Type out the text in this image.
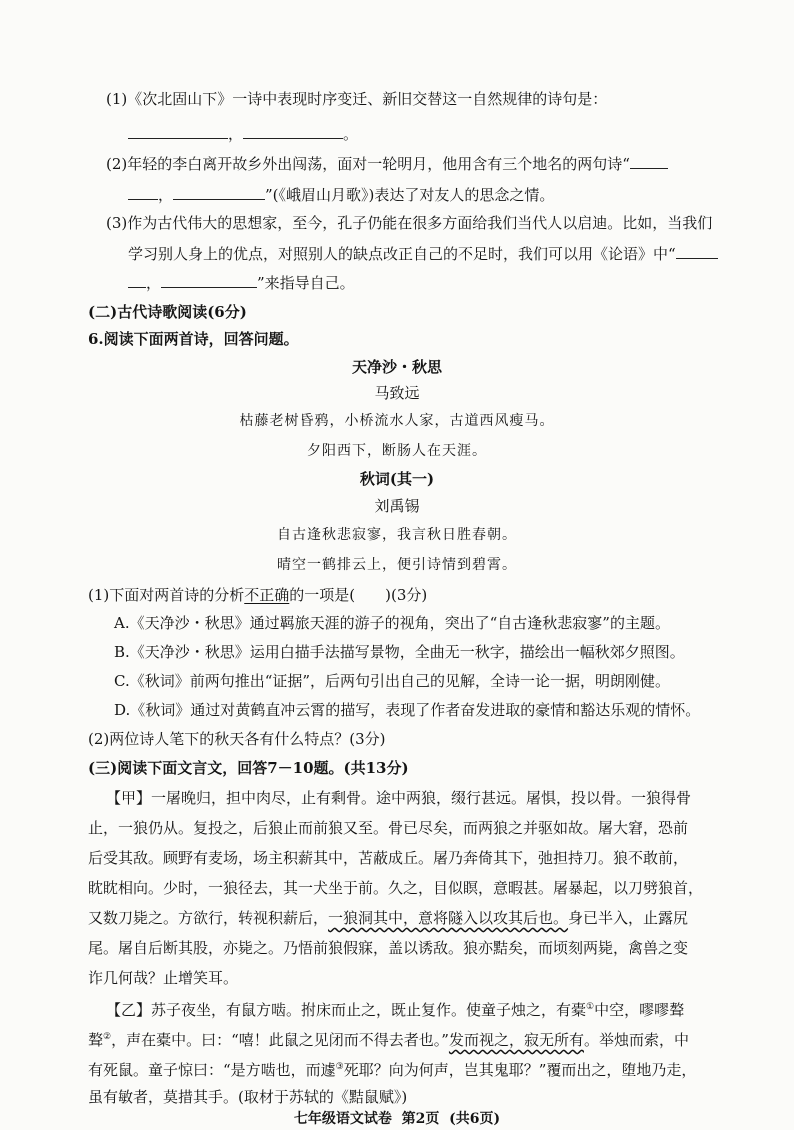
(1)《次北固山下》一诗中表现时序变迁、新旧交替这一自然规律的诗句是：
，	。
(2)年轻的李白离开故乡外出闯荡，面对一轮明月，他用含有三个地名的两句诗“
，	”(《峨眉山月歌》)表达了对友人的思念之情。
(3)作为古代伟大的思想家，至今，孔子仍能在很多方面给我们当代人以启迪。比如，当我们
学习别人身上的优点，对照别人的缺点改正自己的不足时，我们可以用《论语》中“
，	”来指导自己。
(二)古代诗歌阅读(6分)
6.阅读下面两首诗，回答问题。
天净沙・秋思
马致远
枯藤老树昏鸦，小桥流水人家，古道西风瘦马。
夕阳西下，断肠人在天涯。
秋词(其一)
刘禹锡
自古逢秋悲寂寥，我言秋日胜春朝。
晴空一鹤排云上，便引诗情到碧霄。
(1)下面对两首诗的分析不正确的一项是(　　)(3分)
A.《天净沙・秋思》通过羁旅天涯的游子的视角，突出了“自古逢秋悲寂寥”的主题。
B.《天净沙・秋思》运用白描手法描写景物，全曲无一秋字，描绘出一幅秋郊夕照图。
C.《秋词》前两句推出“证据”，后两句引出自己的见解，全诗一论一据，明朗刚健。
D.《秋词》通过对黄鹤直冲云霄的描写，表现了作者奋发进取的豪情和豁达乐观的情怀。
(2)两位诗人笔下的秋天各有什么特点？(3分)
(三)阅读下面文言文，回答7－10题。(共13分)
【甲】一屠晚归，担中肉尽，止有剩骨。途中两狼，缀行甚远。屠惧，投以骨。一狼得骨
止，一狼仍从。复投之，后狼止而前狼又至。骨已尽矣，而两狼之并驱如故。屠大窘，恐前
后受其敌。顾野有麦场，场主积薪其中，苫蔽成丘。屠乃奔倚其下，弛担持刀。狼不敢前，
眈眈相向。少时，一狼径去，其一犬坐于前。久之，目似瞑，意暇甚。屠暴起，以刀劈狼首，
又数刀毙之。方欲行，转视积薪后，一狼洞其中，意将隧入以攻其后也。身已半入，止露尻
尾。屠自后断其股，亦毙之。乃悟前狼假寐，盖以诱敌。狼亦黠矣，而顷刻两毙，禽兽之变
诈几何哉？止增笑耳。
【乙】苏子夜坐，有鼠方啮。拊床而止之，既止复作。使童子烛之，有橐①中空，嘐嘐聱
聱②，声在橐中。曰：“嘻！此鼠之见闭而不得去者也。”发而视之，寂无所有。举烛而索，中
有死鼠。童子惊曰：“是方啮也，而遽③死耶？向为何声，岂其鬼耶？”覆而出之，堕地乃走，
虽有敏者，莫措其手。(取材于苏轼的《黠鼠赋》)
七年级语文试卷  第2页  (共6页)
